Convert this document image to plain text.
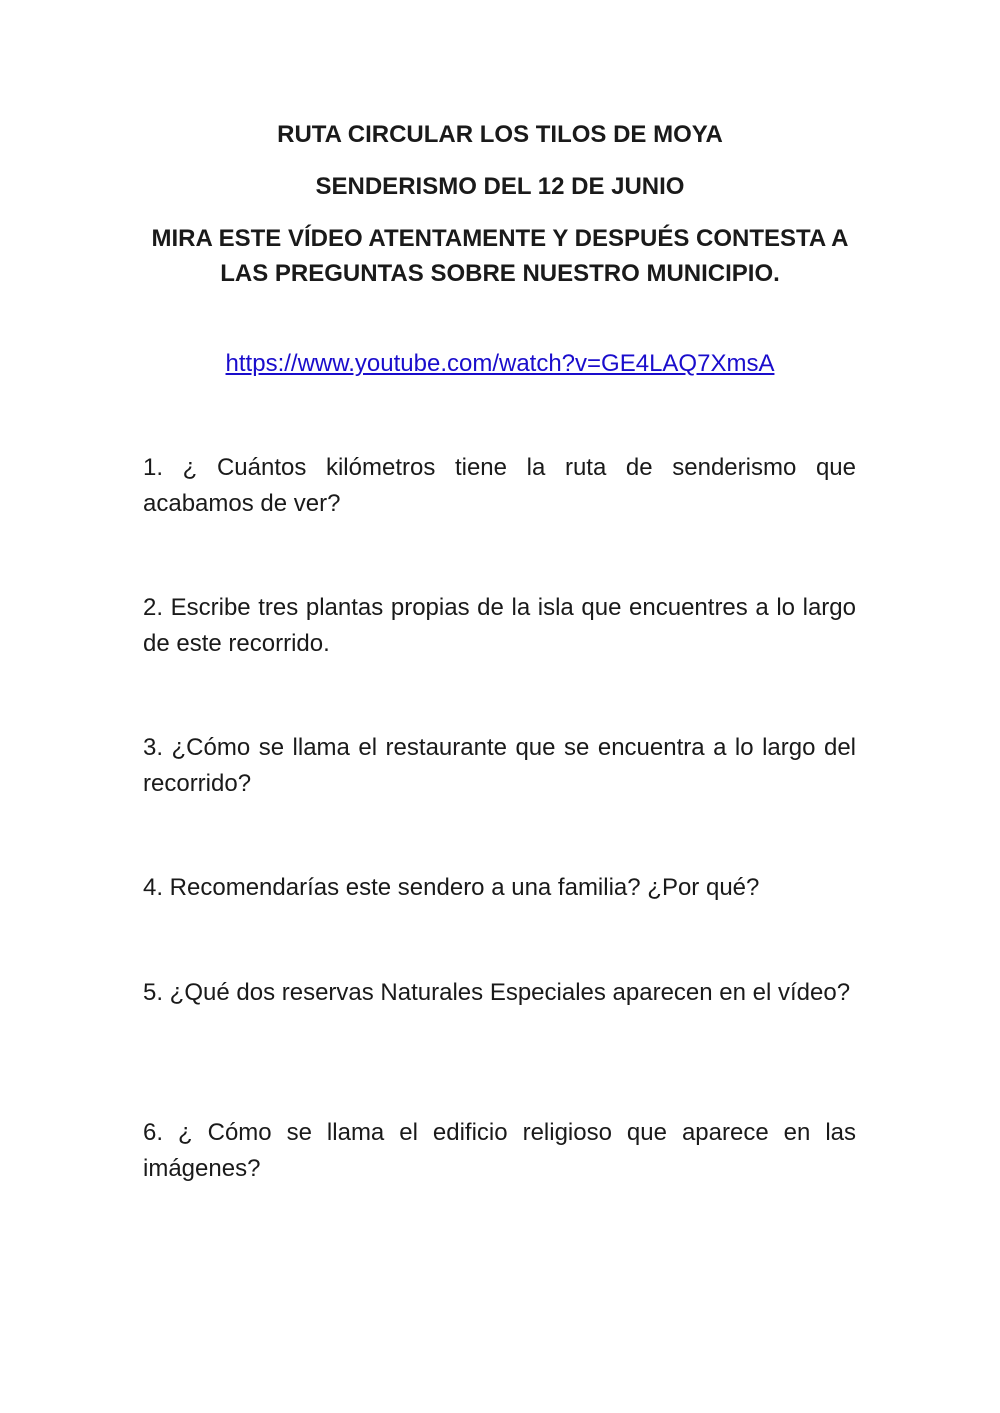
RUTA CIRCULAR LOS TILOS DE MOYA
SENDERISMO DEL 12 DE JUNIO
MIRA ESTE VÍDEO ATENTAMENTE Y DESPUÉS CONTESTA A LAS PREGUNTAS SOBRE NUESTRO MUNICIPIO.
https://www.youtube.com/watch?v=GE4LAQ7XmsA

1. ¿ Cuántos kilómetros tiene la ruta de senderismo que acabamos de ver?

2. Escribe tres plantas propias de la isla que encuentres a lo largo de este recorrido.

3. ¿Cómo se llama el restaurante que se encuentra a lo largo del recorrido?

4. Recomendarías este sendero a una familia? ¿Por qué?

5. ¿Qué dos reservas Naturales Especiales aparecen en el vídeo?

6. ¿ Cómo se llama el edificio religioso que aparece en las imágenes?
